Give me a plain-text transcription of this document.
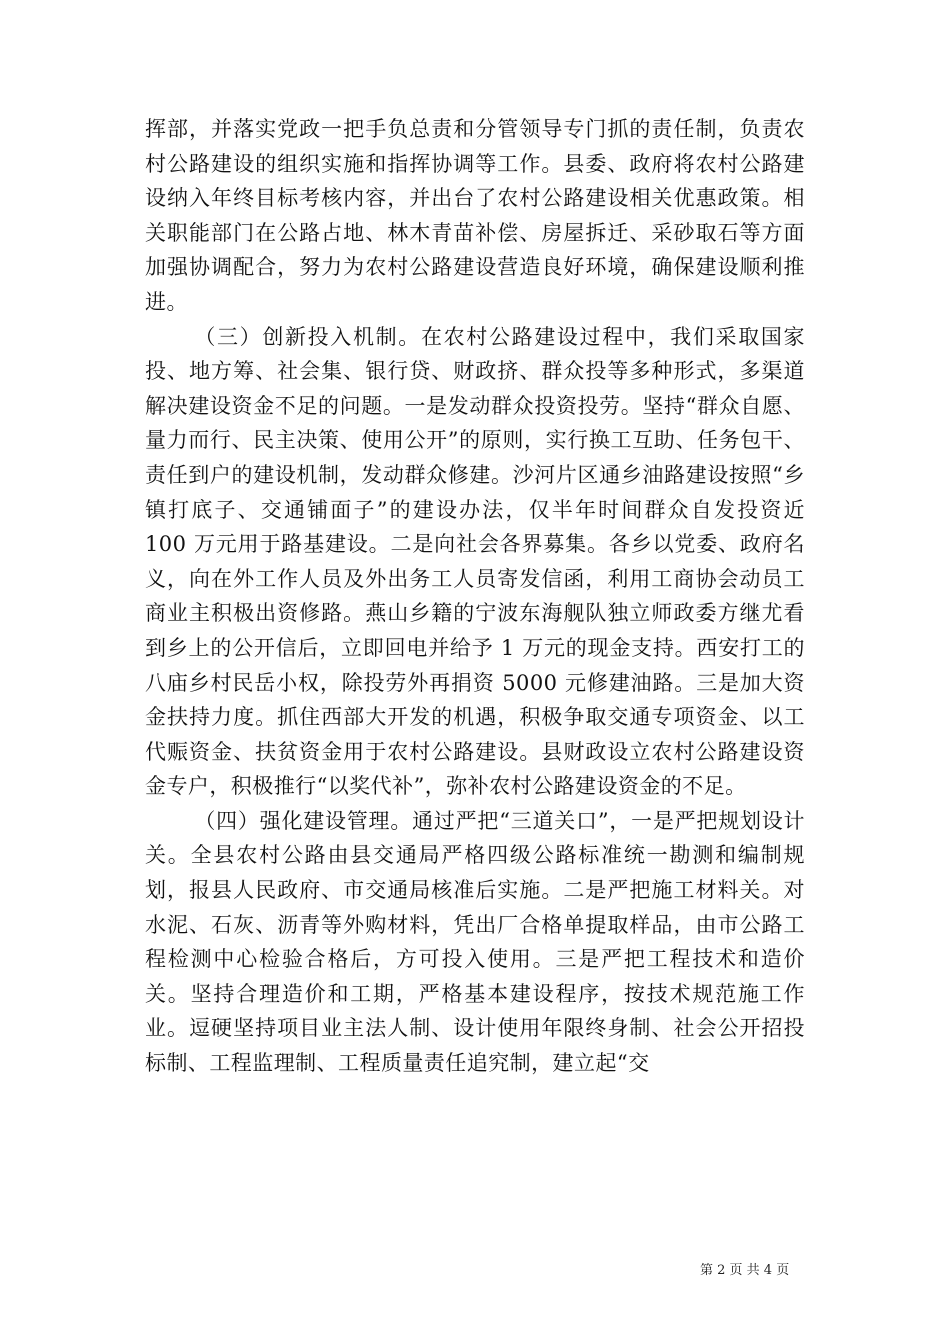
挥部，并落实党政一把手负总责和分管领导专门抓的责任制，负责农村公路建设的组织实施和指挥协调等工作。县委、政府将农村公路建设纳入年终目标考核内容，并出台了农村公路建设相关优惠政策。相关职能部门在公路占地、林木青苗补偿、房屋拆迁、采砂取石等方面加强协调配合，努力为农村公路建设营造良好环境，确保建设顺利推进。

（三）创新投入机制。在农村公路建设过程中，我们采取国家投、地方筹、社会集、银行贷、财政挤、群众投等多种形式，多渠道解决建设资金不足的问题。一是发动群众投资投劳。坚持“群众自愿、量力而行、民主决策、使用公开”的原则，实行换工互助、任务包干、责任到户的建设机制，发动群众修建。沙河片区通乡油路建设按照“乡镇打底子、交通铺面子”的建设办法，仅半年时间群众自发投资近 100 万元用于路基建设。二是向社会各界募集。各乡以党委、政府名义，向在外工作人员及外出务工人员寄发信函，利用工商协会动员工商业主积极出资修路。燕山乡籍的宁波东海舰队独立师政委方继尤看到乡上的公开信后，立即回电并给予 1 万元的现金支持。西安打工的八庙乡村民岳小权，除投劳外再捐资 5000 元修建油路。三是加大资金扶持力度。抓住西部大开发的机遇，积极争取交通专项资金、以工代赈资金、扶贫资金用于农村公路建设。县财政设立农村公路建设资金专户，积极推行“以奖代补”，弥补农村公路建设资金的不足。

（四）强化建设管理。通过严把“三道关口”，一是严把规划设计关。全县农村公路由县交通局严格四级公路标准统一勘测和编制规划，报县人民政府、市交通局核准后实施。二是严把施工材料关。对水泥、石灰、沥青等外购材料，凭出厂合格单提取样品，由市公路工程检测中心检验合格后，方可投入使用。三是严把工程技术和造价关。坚持合理造价和工期，严格基本建设程序，按技术规范施工作业。逗硬坚持项目业主法人制、设计使用年限终身制、社会公开招投标制、工程监理制、工程质量责任追究制，建立起“交

第 2 页 共 4 页
